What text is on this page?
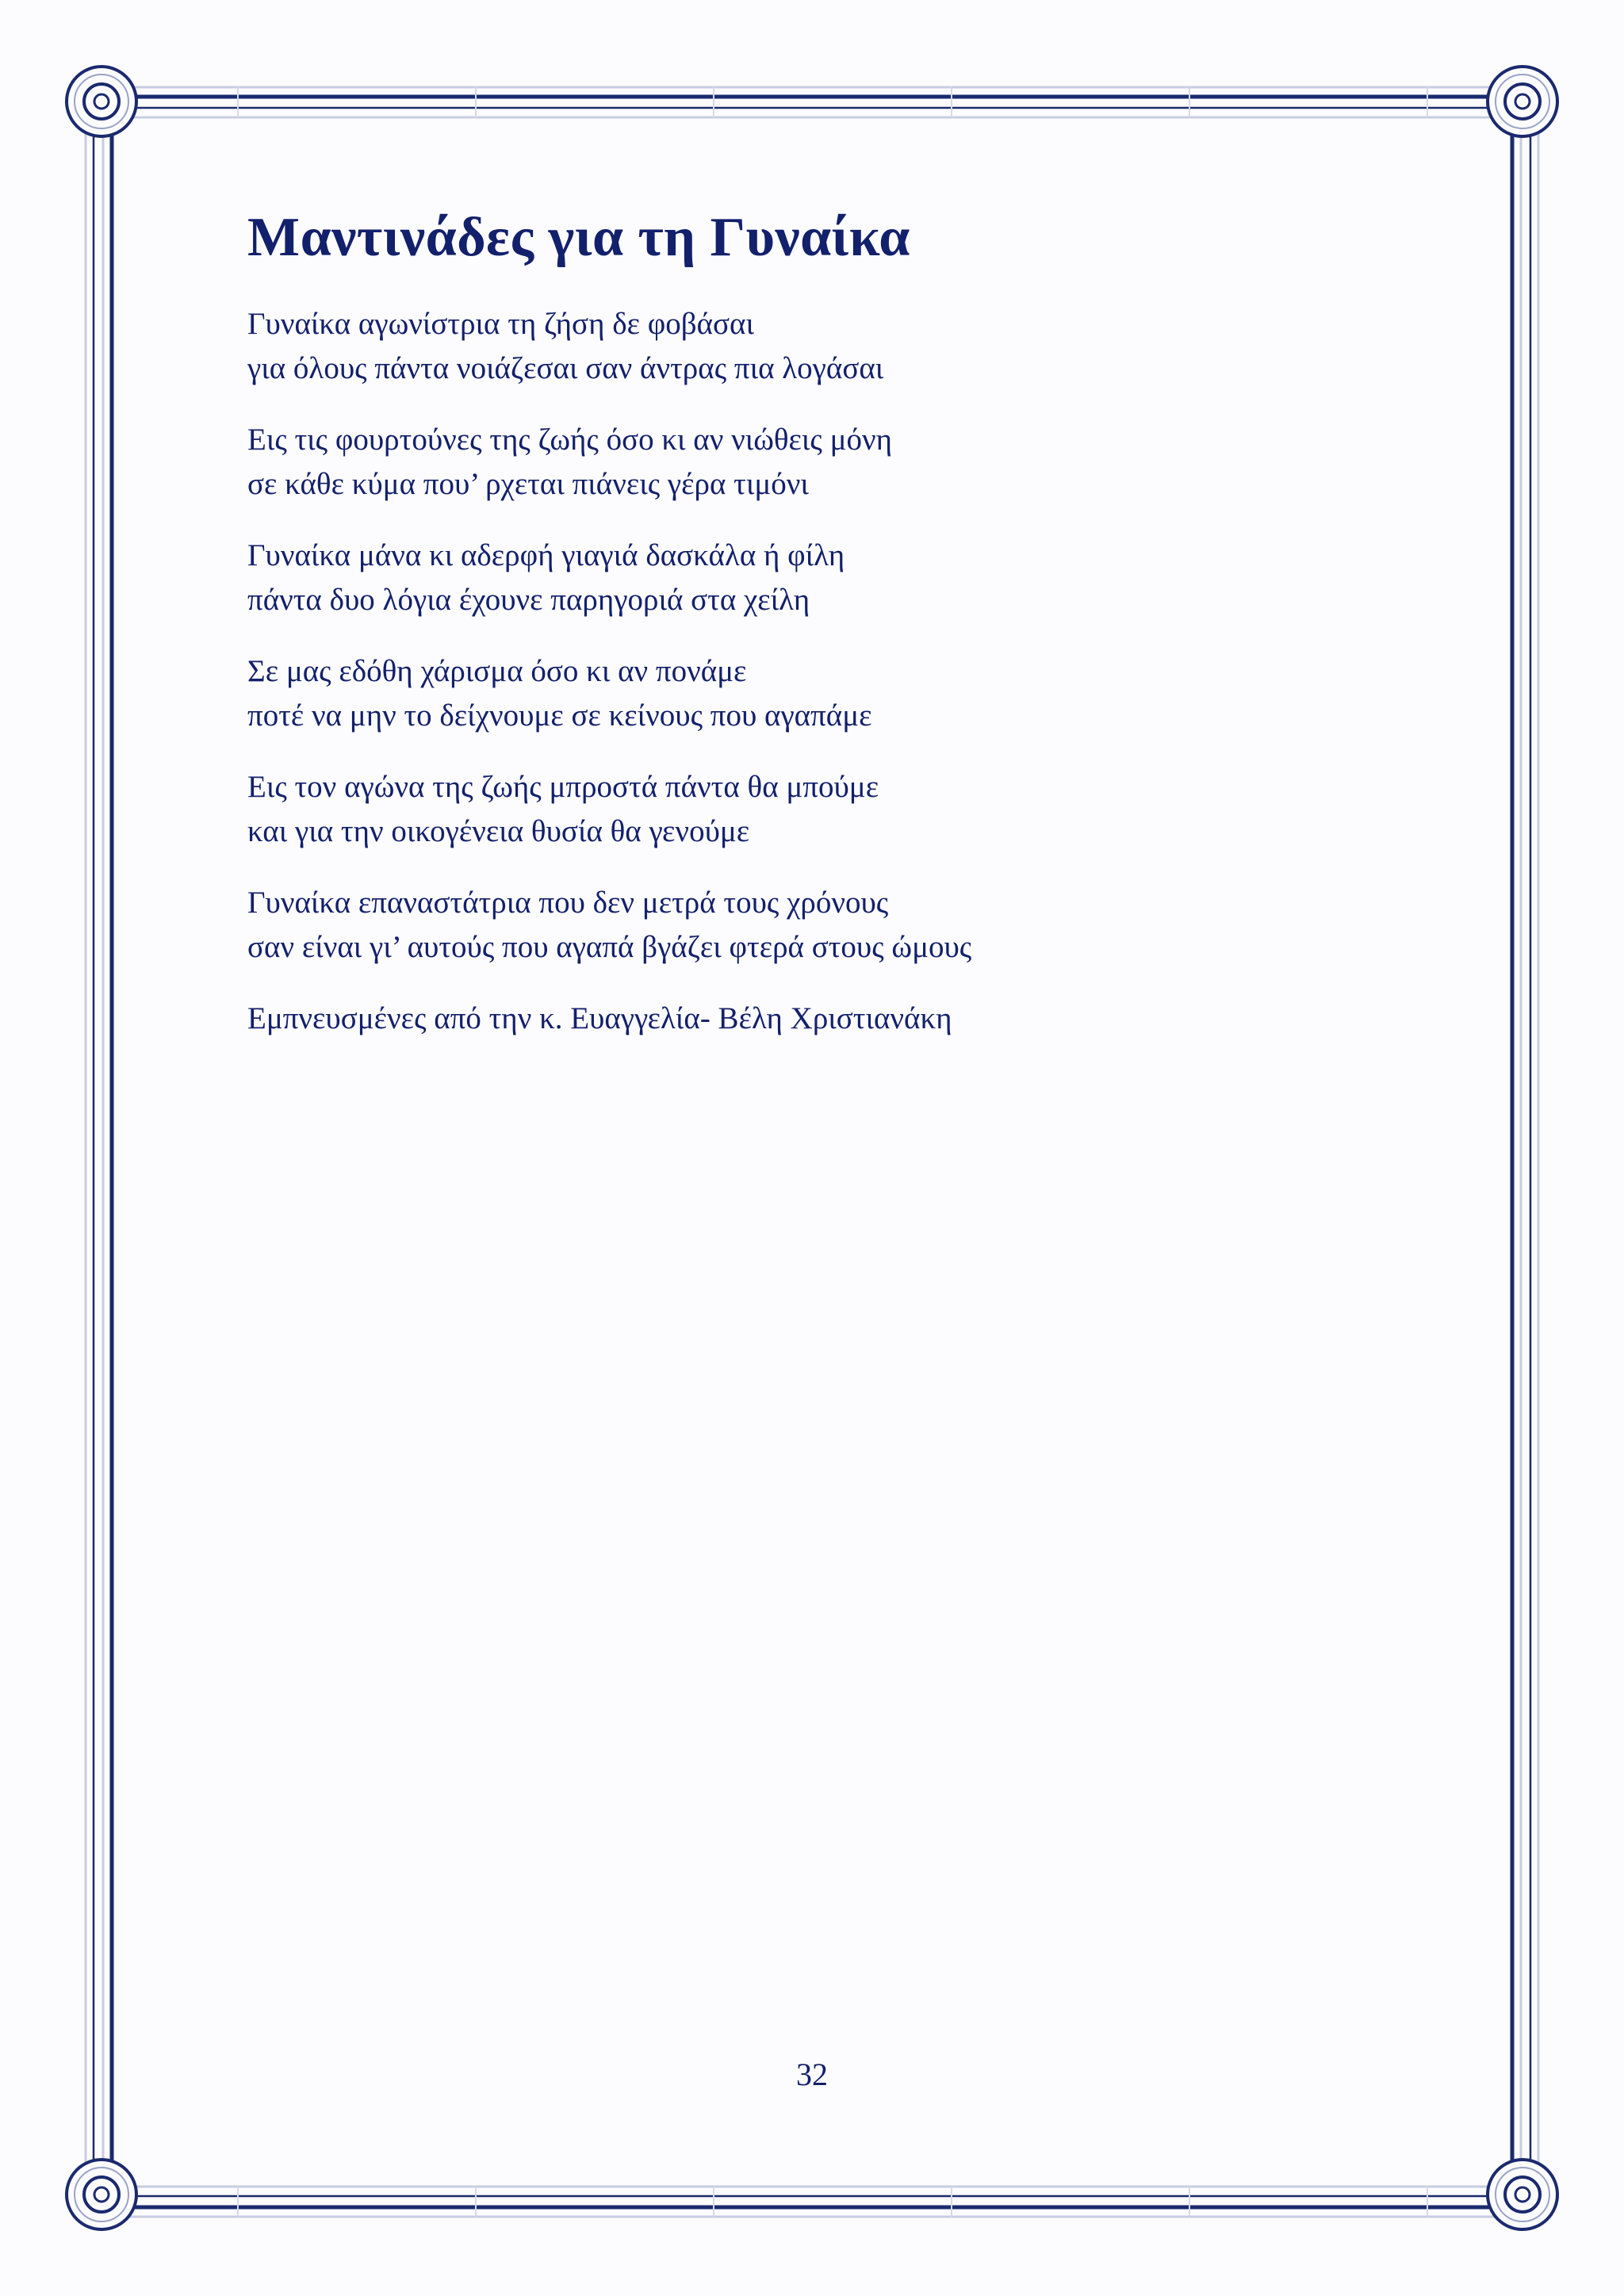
Μαντινάδες για τη Γυναίκα
Γυναίκα αγωνίστρια τη ζήση δε φοβάσαι
για όλους πάντα νοιάζεσαι σαν άντρας πια λογάσαι
Εις τις φουρτούνες της ζωής όσο κι αν νιώθεις μόνη
σε κάθε κύμα που’ ρχεται πιάνεις γέρα τιμόνι
Γυναίκα μάνα κι αδερφή γιαγιά δασκάλα ή φίλη
πάντα δυο λόγια έχουνε παρηγοριά στα χείλη
Σε μας εδόθη χάρισμα όσο κι αν πονάμε
ποτέ να μην το δείχνουμε σε κείνους που αγαπάμε
Εις τον αγώνα της ζωής μπροστά πάντα θα μπούμε
και για την οικογένεια θυσία θα γενούμε
Γυναίκα επαναστάτρια που δεν μετρά τους χρόνους
σαν είναι γι’ αυτούς που αγαπά βγάζει φτερά στους ώμους
Εμπνευσμένες από την κ. Ευαγγελία- Βέλη Χριστιανάκη
32
